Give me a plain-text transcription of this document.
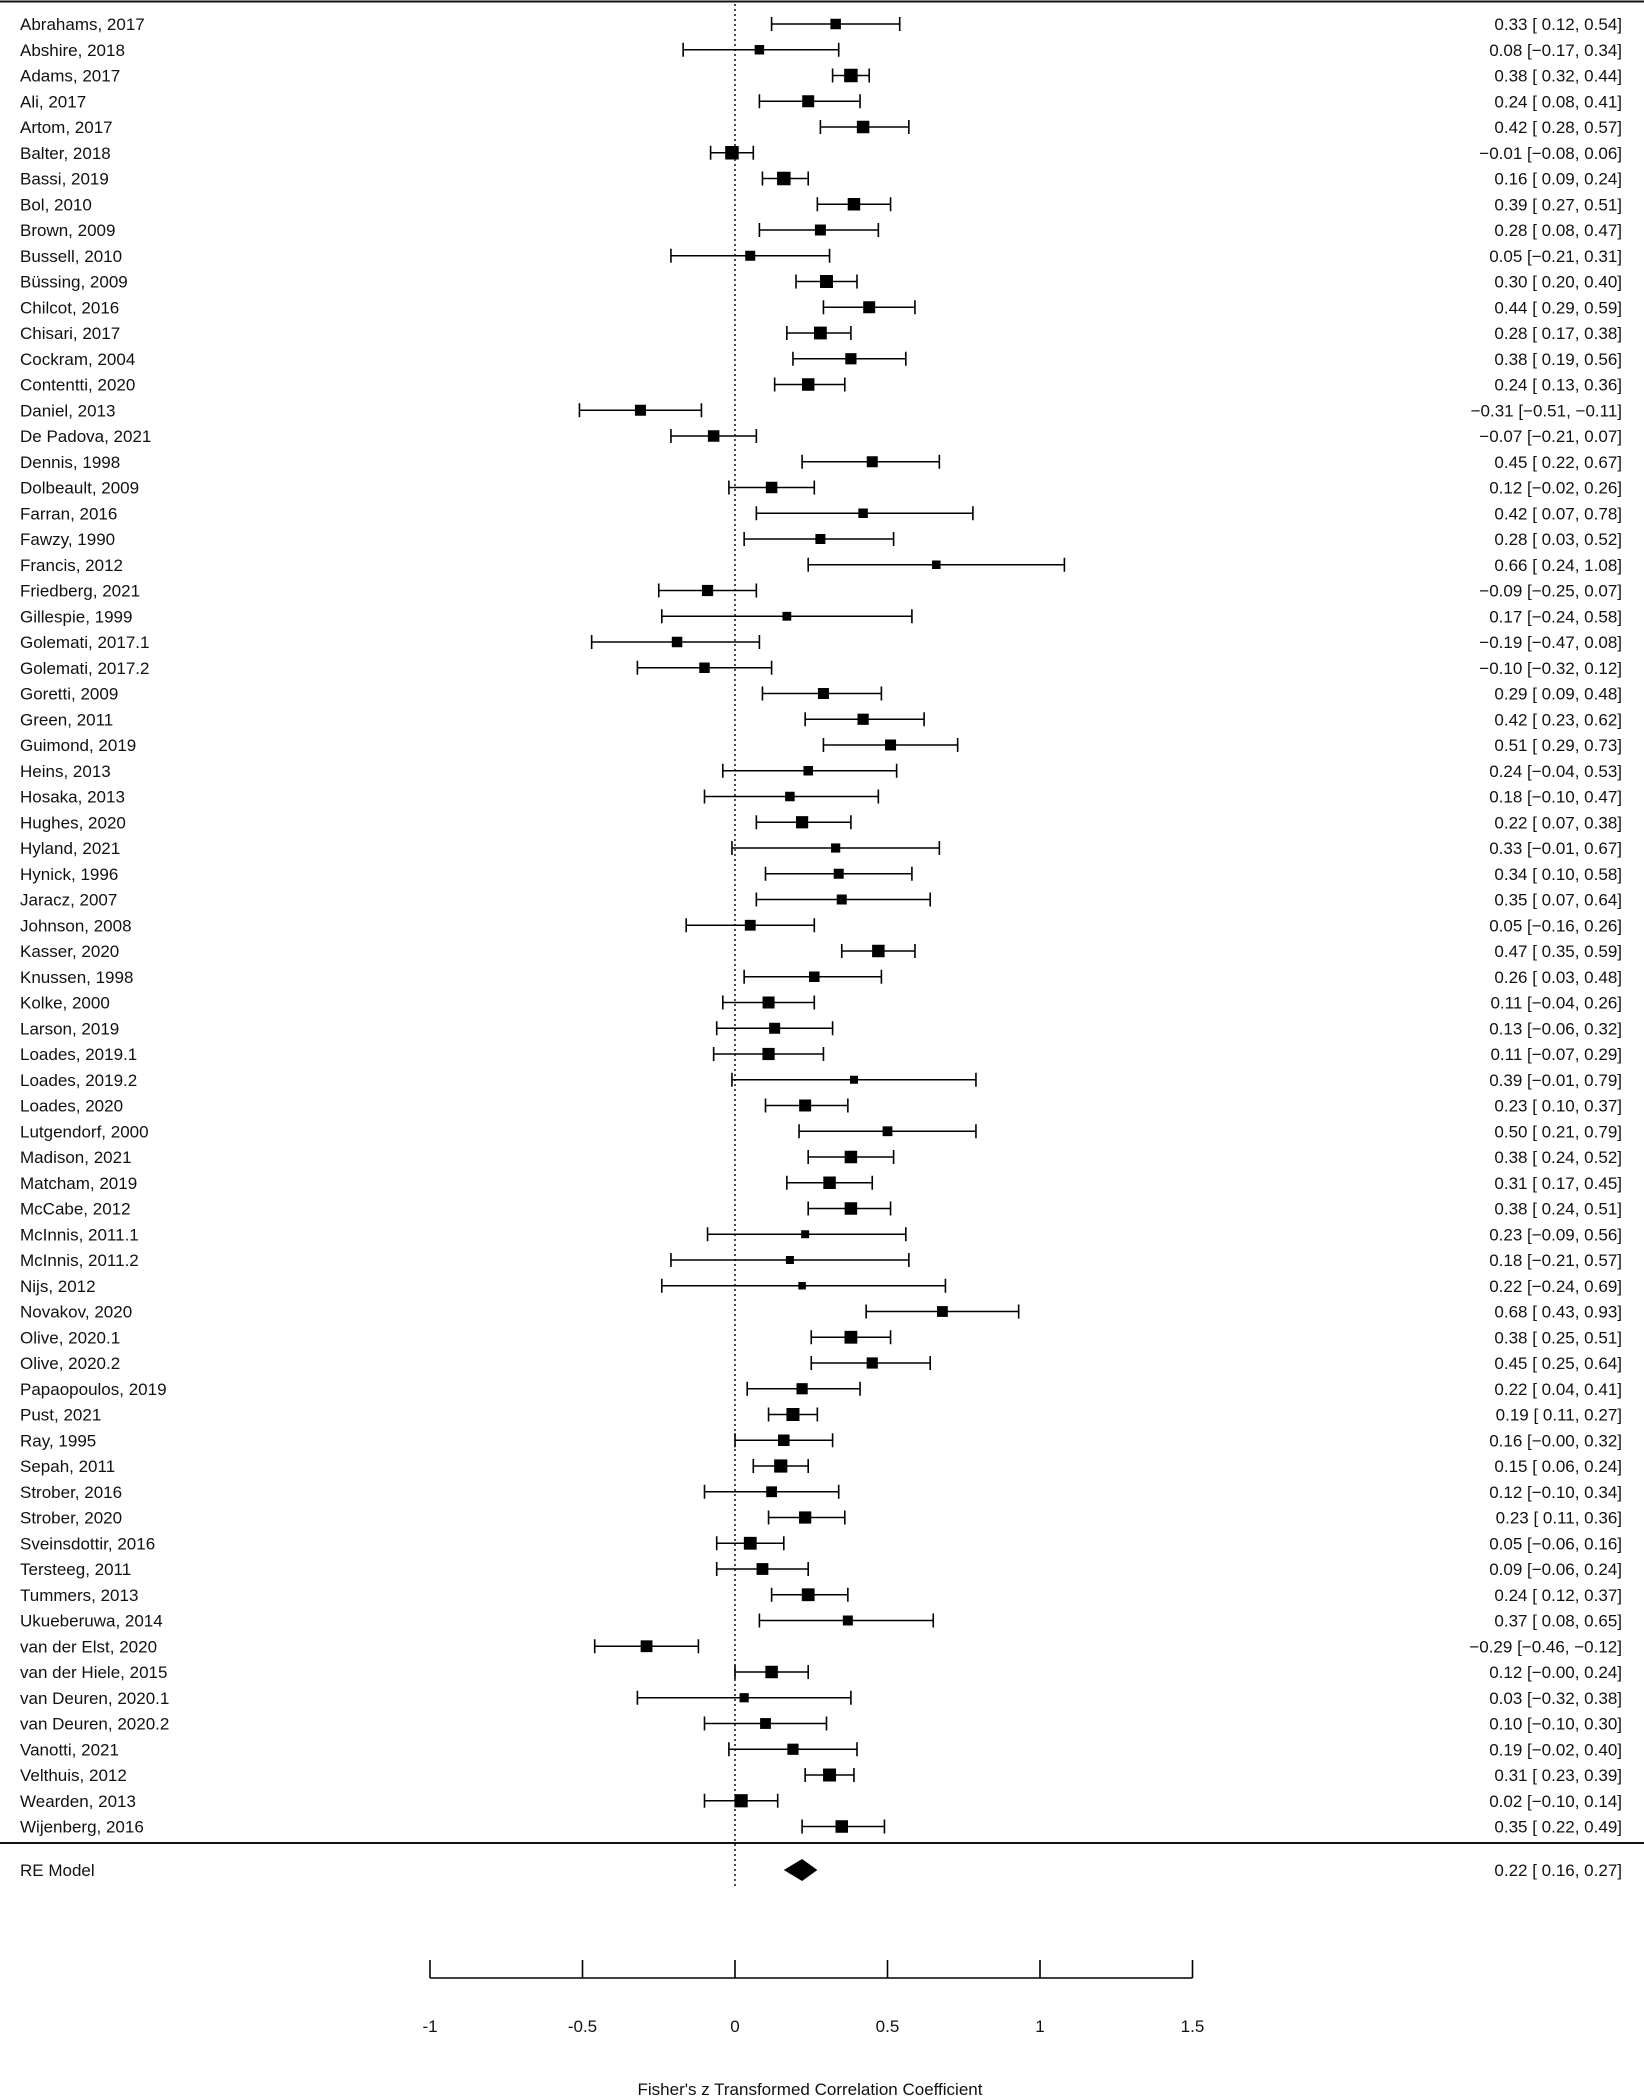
Abrahams, 2017	0.33 [ 0.12, 0.54]
Abshire, 2018	0.08 [−0.17, 0.34]
Adams, 2017	0.38 [ 0.32, 0.44]
Ali, 2017	0.24 [ 0.08, 0.41]
Artom, 2017	0.42 [ 0.28, 0.57]
Balter, 2018	−0.01 [−0.08, 0.06]
Bassi, 2019	0.16 [ 0.09, 0.24]
Bol, 2010	0.39 [ 0.27, 0.51]
Brown, 2009	0.28 [ 0.08, 0.47]
Bussell, 2010	0.05 [−0.21, 0.31]
Büssing, 2009	0.30 [ 0.20, 0.40]
Chilcot, 2016	0.44 [ 0.29, 0.59]
Chisari, 2017	0.28 [ 0.17, 0.38]
Cockram, 2004	0.38 [ 0.19, 0.56]
Contentti, 2020	0.24 [ 0.13, 0.36]
Daniel, 2013	−0.31 [−0.51, −0.11]
De Padova, 2021	−0.07 [−0.21, 0.07]
Dennis, 1998	0.45 [ 0.22, 0.67]
Dolbeault, 2009	0.12 [−0.02, 0.26]
Farran, 2016	0.42 [ 0.07, 0.78]
Fawzy, 1990	0.28 [ 0.03, 0.52]
Francis, 2012	0.66 [ 0.24, 1.08]
Friedberg, 2021	−0.09 [−0.25, 0.07]
Gillespie, 1999	0.17 [−0.24, 0.58]
Golemati, 2017.1	−0.19 [−0.47, 0.08]
Golemati, 2017.2	−0.10 [−0.32, 0.12]
Goretti, 2009	0.29 [ 0.09, 0.48]
Green, 2011	0.42 [ 0.23, 0.62]
Guimond, 2019	0.51 [ 0.29, 0.73]
Heins, 2013	0.24 [−0.04, 0.53]
Hosaka, 2013	0.18 [−0.10, 0.47]
Hughes, 2020	0.22 [ 0.07, 0.38]
Hyland, 2021	0.33 [−0.01, 0.67]
Hynick, 1996	0.34 [ 0.10, 0.58]
Jaracz, 2007	0.35 [ 0.07, 0.64]
Johnson, 2008	0.05 [−0.16, 0.26]
Kasser, 2020	0.47 [ 0.35, 0.59]
Knussen, 1998	0.26 [ 0.03, 0.48]
Kolke, 2000	0.11 [−0.04, 0.26]
Larson, 2019	0.13 [−0.06, 0.32]
Loades, 2019.1	0.11 [−0.07, 0.29]
Loades, 2019.2	0.39 [−0.01, 0.79]
Loades, 2020	0.23 [ 0.10, 0.37]
Lutgendorf, 2000	0.50 [ 0.21, 0.79]
Madison, 2021	0.38 [ 0.24, 0.52]
Matcham, 2019	0.31 [ 0.17, 0.45]
McCabe, 2012	0.38 [ 0.24, 0.51]
McInnis, 2011.1	0.23 [−0.09, 0.56]
McInnis, 2011.2	0.18 [−0.21, 0.57]
Nijs, 2012	0.22 [−0.24, 0.69]
Novakov, 2020	0.68 [ 0.43, 0.93]
Olive, 2020.1	0.38 [ 0.25, 0.51]
Olive, 2020.2	0.45 [ 0.25, 0.64]
Papaopoulos, 2019	0.22 [ 0.04, 0.41]
Pust, 2021	0.19 [ 0.11, 0.27]
Ray, 1995	0.16 [−0.00, 0.32]
Sepah, 2011	0.15 [ 0.06, 0.24]
Strober, 2016	0.12 [−0.10, 0.34]
Strober, 2020	0.23 [ 0.11, 0.36]
Sveinsdottir, 2016	0.05 [−0.06, 0.16]
Tersteeg, 2011	0.09 [−0.06, 0.24]
Tummers, 2013	0.24 [ 0.12, 0.37]
Ukueberuwa, 2014	0.37 [ 0.08, 0.65]
van der Elst, 2020	−0.29 [−0.46, −0.12]
van der Hiele, 2015	0.12 [−0.00, 0.24]
van Deuren, 2020.1	0.03 [−0.32, 0.38]
van Deuren, 2020.2	0.10 [−0.10, 0.30]
Vanotti, 2021	0.19 [−0.02, 0.40]
Velthuis, 2012	0.31 [ 0.23, 0.39]
Wearden, 2013	0.02 [−0.10, 0.14]
Wijenberg, 2016	0.35 [ 0.22, 0.49]
RE Model	0.22 [ 0.16, 0.27]
-1	-0.5	0	0.5	1	1.5
Fisher's z Transformed Correlation Coefficient
